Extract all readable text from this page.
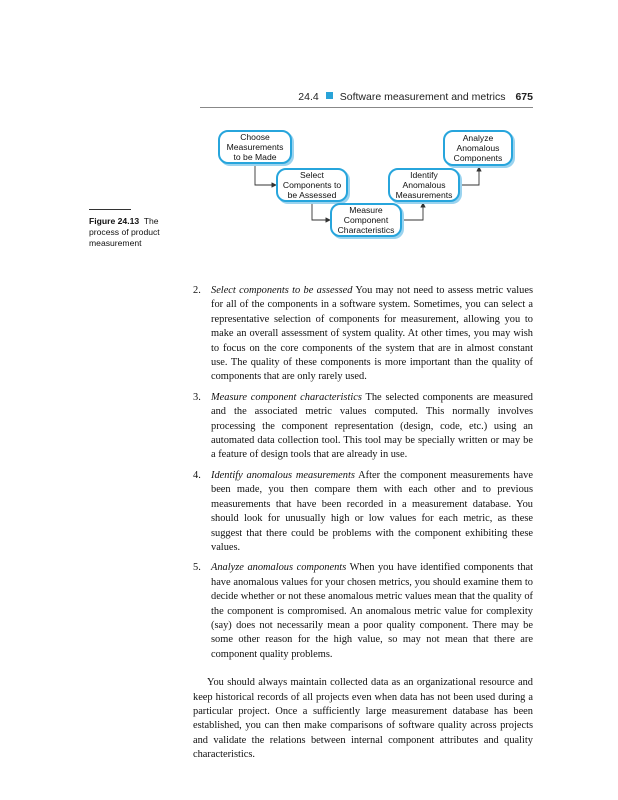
24.4 Software measurement and metrics 675
Choose
Measurements
to be Made
Select
Components to
be Assessed
Measure
Component
Characteristics
Identify
Anomalous
Measurements
Analyze
Anomalous
Components
Figure 24.13 The process of product measurement
2. Select components to be assessed You may not need to assess metric values for all of the components in a software system. Sometimes, you can select a representative selection of components for measurement, allowing you to make an overall assessment of system quality. At other times, you may wish to focus on the core components of the system that are in almost constant use. The quality of these components is more important than the quality of components that are only rarely used.
3. Measure component characteristics The selected components are measured and the associated metric values computed. This normally involves processing the component representation (design, code, etc.) using an automated data collection tool. This tool may be specially written or may be a feature of design tools that are already in use.
4. Identify anomalous measurements After the component measurements have been made, you then compare them with each other and to previous measurements that have been recorded in a measurement database. You should look for unusually high or low values for each metric, as these suggest that there could be problems with the component exhibiting these values.
5. Analyze anomalous components When you have identified components that have anomalous values for your chosen metrics, you should examine them to decide whether or not these anomalous metric values mean that the quality of the component is compromised. An anomalous metric value for complexity (say) does not necessarily mean a poor quality component. There may be some other reason for the high value, so may not mean that there are component quality problems.

You should always maintain collected data as an organizational resource and keep historical records of all projects even when data has not been used during a particular project. Once a sufficiently large measurement database has been established, you can then make comparisons of software quality across projects and validate the relations between internal component attributes and quality characteristics.
